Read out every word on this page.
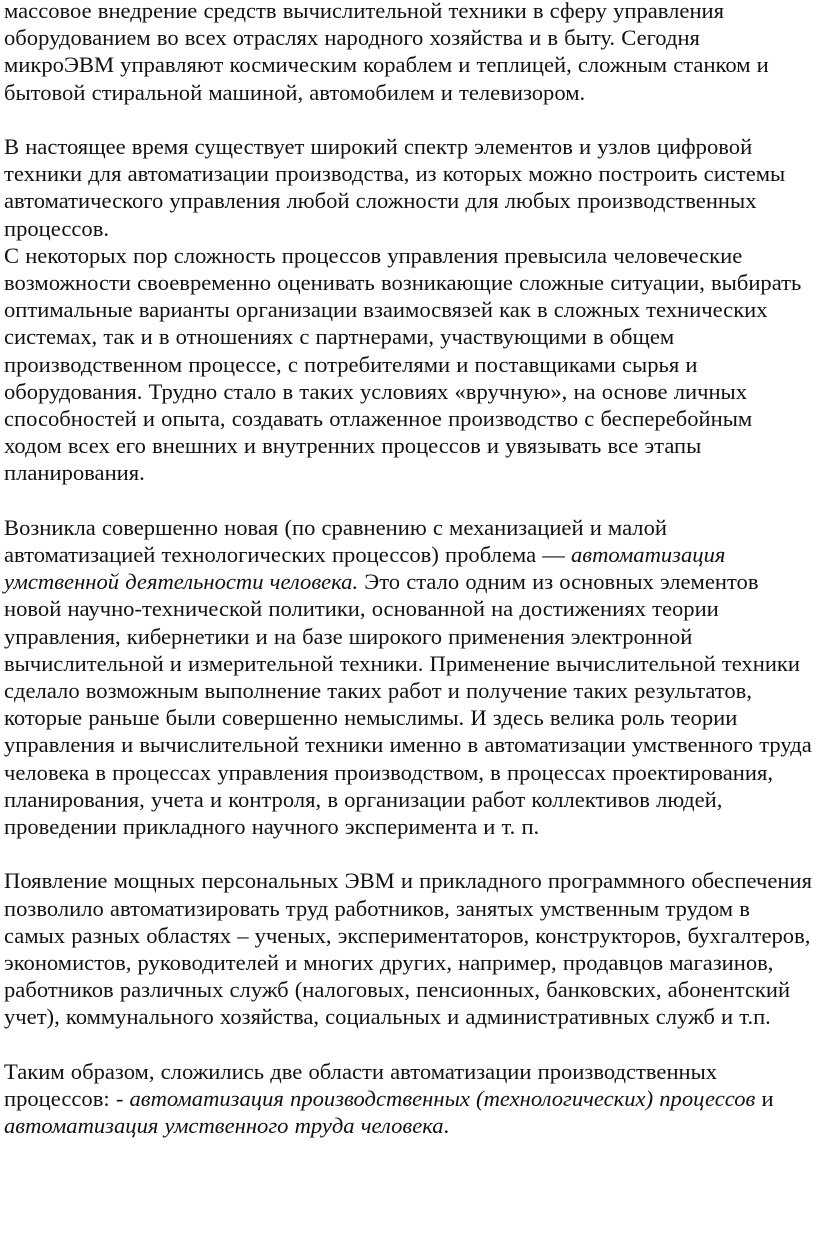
массовое внедрение средств вычислительной техники в сферу управления оборудованием во всех отраслях народного хозяйства и в быту. Сегодня микроЭВМ управляют космическим кораблем и теплицей, сложным станком и бытовой стиральной машиной, автомобилем и телевизором.

В настоящее время существует широкий спектр элементов и узлов цифровой техники для автоматизации производства, из которых можно построить системы автоматического управления любой сложности для любых производственных процессов.

С некоторых пор сложность процессов управления превысила человеческие возможности своевременно оценивать возникающие сложные ситуации, выбирать оптимальные варианты организации взаимосвязей как в сложных технических системах, так и в отношениях с партнерами, участвующими в общем производственном процессе, с потребителями и поставщиками сырья и оборудования. Трудно стало в таких условиях «вручную», на основе личных способностей и опыта, создавать отлаженное производство с бесперебойным ходом всех его внешних и внутренних процессов и увязывать все этапы планирования.

Возникла совершенно новая (по сравнению с механизацией и малой автоматизацией технологических процессов) проблема — автоматизация умственной деятельности человека. Это стало одним из основных элементов новой научно-технической политики, основанной на достижениях теории управления, кибернетики и на базе широкого применения электронной вычислительной и измерительной техники. Применение вычислительной техники сделало возможным выполнение таких работ и получение таких результатов, которые раньше были совершенно немыслимы. И здесь велика роль теории управления и вычислительной техники именно в автоматизации умственного труда человека в процессах управления производством, в процессах проектирования, планирования, учета и контроля, в организации работ коллективов людей, проведении прикладного научного эксперимента и т. п.

Появление мощных персональных ЭВМ и прикладного программного обеспечения позволило автоматизировать труд работников, занятых умственным трудом в самых разных областях – ученых, экспериментаторов, конструкторов, бухгалтеров, экономистов, руководителей и многих других, например, продавцов магазинов, работников различных служб (налоговых, пенсионных, банковских, абонентский учет), коммунального хозяйства, социальных и административных служб и т.п.

Таким образом, сложились две области автоматизации производственных процессов: - автоматизация производственных (технологических) процессов и автоматизация умственного труда человека.
